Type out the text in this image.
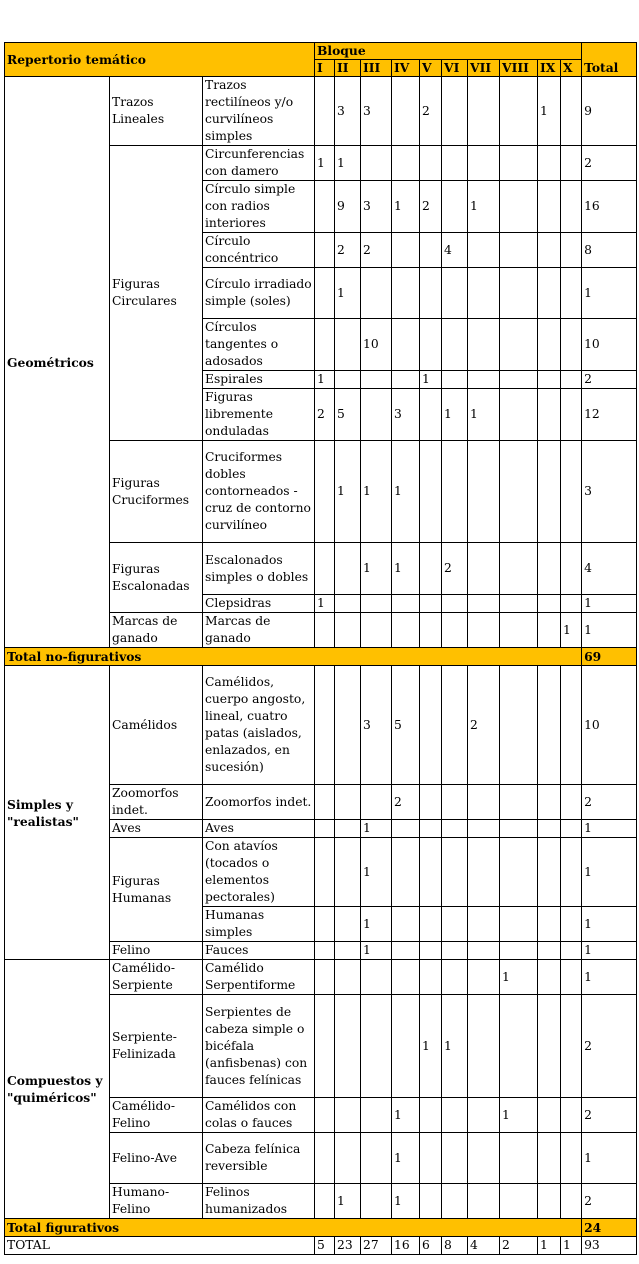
Repertorio temático			Bloque										Total
			I	II	III	IV	V	VI	VII	VIII	IX	X	
Geométricos	Trazos Lineales	Trazos rectilíneos y/o curvilíneos simples		3	3		2				1		9
	Figuras Circulares	Circunferencias con damero	1	1									2
		Círculo simple con radios interiores		9	3	1	2		1				16
		Círculo concéntrico		2	2			4					8
		Círculo irradiado simple (soles)		1									1
		Círculos tangentes o adosados			10								10
		Espirales	1				1						2
		Figuras libremente onduladas	2	5		3		1	1				12
	Figuras Cruciformes	Cruciformes dobles contorneados - cruz de contorno curvilíneo		1	1	1							3
	Figuras Escalonadas	Escalonados simples o dobles			1	1		2					4
		Clepsidras	1										1
	Marcas de ganado	Marcas de ganado										1	1
Total no-figurativos													69
Simples y "realistas"	Camélidos	Camélidos, cuerpo angosto, lineal, cuatro patas (aislados, enlazados, en sucesión)			3	5			2				10
	Zoomorfos indet.	Zoomorfos indet.				2							2
	Aves	Aves			1								1
	Figuras Humanas	Con atavíos (tocados o elementos pectorales)			1								1
		Humanas simples			1								1
	Felino	Fauces			1								1
Compuestos y "quiméricos"	Camélido-Serpiente	Camélido Serpentiforme								1			1
	Serpiente-Felinizada	Serpientes de cabeza simple o bicéfala (anfisbenas) con fauces felínicas					1	1					2
	Camélido-Felino	Camélidos con colas o fauces				1				1			2
	Felino-Ave	Cabeza felínica reversible				1							1
	Humano-Felino	Felinos humanizados		1		1							2
Total figurativos													24
TOTAL			5	23	27	16	6	8	4	2	1	1	93
